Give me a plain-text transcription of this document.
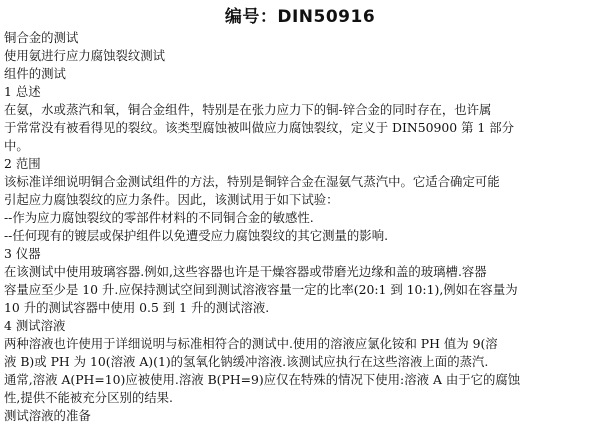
编号：DIN50916
铜合金的测试
使用氨进行应力腐蚀裂纹测试
组件的测试
1 总述
在氨，水或蒸汽和氧，铜合金组件，特别是在张力应力下的铜-锌合金的同时存在，也许属
于常常没有被看得见的裂纹。该类型腐蚀被叫做应力腐蚀裂纹，定义于 DIN50900 第 1 部分
中。
2 范围
该标准详细说明铜合金测试组件的方法，特别是铜锌合金在湿氨气蒸汽中。它适合确定可能
引起应力腐蚀裂纹的应力条件。因此，该测试用于如下试验：
--作为应力腐蚀裂纹的零部件材料的不同铜合金的敏感性.
--任何现有的镀层或保护组件以免遭受应力腐蚀裂纹的其它测量的影响.
3 仪器
在该测试中使用玻璃容器.例如,这些容器也许是干燥容器或带磨光边缘和盖的玻璃槽.容器
容量应至少是 10 升.应保持测试空间到测试溶液容量一定的比率(20:1 到 10:1),例如在容量为
10 升的测试容器中使用 0.5 到 1 升的测试溶液.
4 测试溶液
两种溶液也许使用于详细说明与标准相符合的测试中.使用的溶液应氯化铵和 PH 值为 9(溶
液 B)或 PH 为 10(溶液 A)(1)的氢氧化钠缓冲溶液.该测试应执行在这些溶液上面的蒸汽.
通常,溶液 A(PH=10)应被使用.溶液 B(PH=9)应仅在特殊的情况下使用:溶液 A 由于它的腐蚀
性,提供不能被充分区别的结果.
测试溶液的准备
